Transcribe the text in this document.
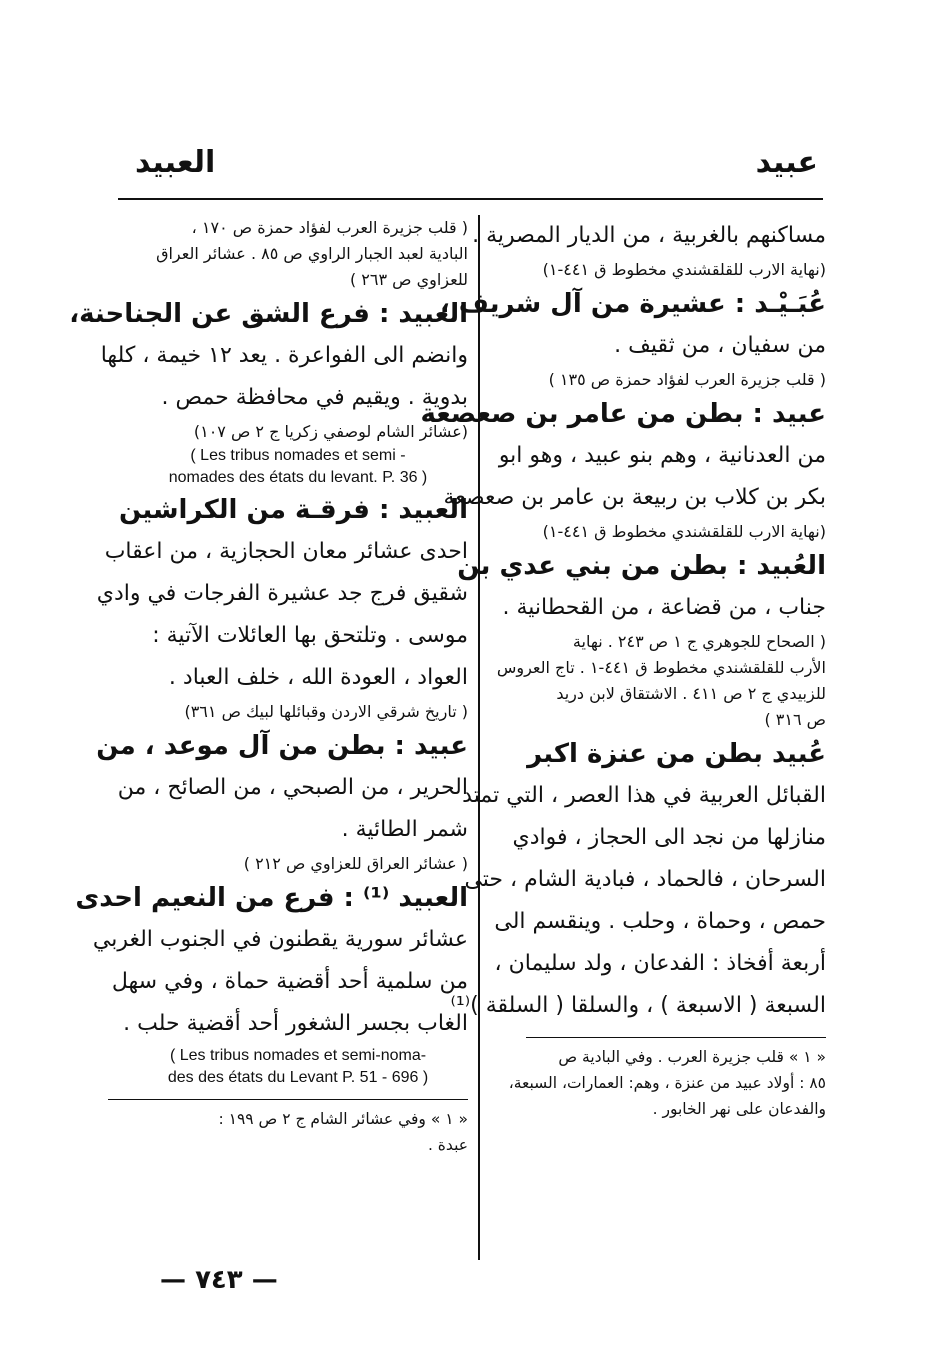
عبيد
العبيد
مساكنهم بالغربية ، من الديار المصرية .
(نهاية الارب للقلقشندي مخطوط ق ٤٤١-١)
عُبَـيْـد : عشيرة من آل شريف ،
من سفيان ، من ثقيف .
( قلب جزيرة العرب لفؤاد حمزة ص ١٣٥ )
عبيد : بطن من عامر بن صعصعة
من العدنانية ، وهم بنو عبيد ، وهو ابو
بكر بن كلاب بن ربيعة بن عامر بن صعصعة
(نهاية الارب للقلقشندي مخطوط ق ٤٤١-١)
العُبيد : بطن من بني عدي بن
جناب ، من قضاعة ، من القحطانية .
( الصحاح للجوهري ج ١ ص ٢٤٣ . نهاية
الأرب للقلقشندي مخطوط ق ٤٤١-١ . تاج العروس
للزبيدي ج ٢ ص ٤١١ . الاشتقاق لابن دريد
ص ٣١٦ )
عُبيد بطن من عنزة اكبر
القبائل العربية في هذا العصر ، التي تمتد
منازلها من نجد الى الحجاز ، فوادي
السرحان ، فالحماد ، فبادية الشام ، حتى
حمص ، وحماة ، وحلب . وينقسم الى
أربعة أفخاذ : الفدعان ، ولد سليمان ،
السبعة ( الاسبعة ) ، والسلقا ( السلقة )⁽¹⁾
« ١ » قلب جزيرة العرب . وفي البادية ص
٨٥ : أولاد عبيد من عنزة ، وهم: العمارات، السبعة،
والفدعان على نهر الخابور .
( قلب جزيرة العرب لفؤاد حمزة ص ١٧٠ ،
البادية لعبد الجبار الراوي ص ٨٥ . عشائر العراق
للعزاوي ص ٢٦٣ )
العبيد : فرع الشق عن الجناحنة،
وانضم الى الفواعرة . يعد ١٢ خيمة ، كلها
بدوية . ويقيم في محافظة حمص .
(عشائر الشام لوصفي زكريا ج ٢ ص ١٠٧)
( Les tribus nomades et semi -
nomades des états du levant. P. 36 )
العبيد : فرقـة من الكراشين
احدى عشائر معان الحجازية ، من اعقاب
شقيق فرج جد عشيرة الفرجات في وادي
موسى . وتلتحق بها العائلات الآتية :
العواد ، العودة الله ، خلف العباد .
( تاريخ شرقي الاردن وقبائلها لبيك ص ٣٦١)
عبيد : بطن من آل موعد ، من
الحرير ، من الصبحي ، من الصائح ، من
شمر الطائية .
( عشائر العراق للعزاوي ص ٢١٢ )
العبيد ⁽¹⁾ : فرع من النعيم احدى
عشائر سورية يقطنون في الجنوب الغربي
من سلمية أحد أقضية حماة ، وفي سهل
الغاب بجسر الشغور أحد أقضية حلب .
( Les tribus nomades et semi-noma-
des des états du Levant P. 51 - 696 )
« ١ » وفي عشائر الشام ج ٢ ص ١٩٩ :
عبدة .
— ٧٤٣ —
